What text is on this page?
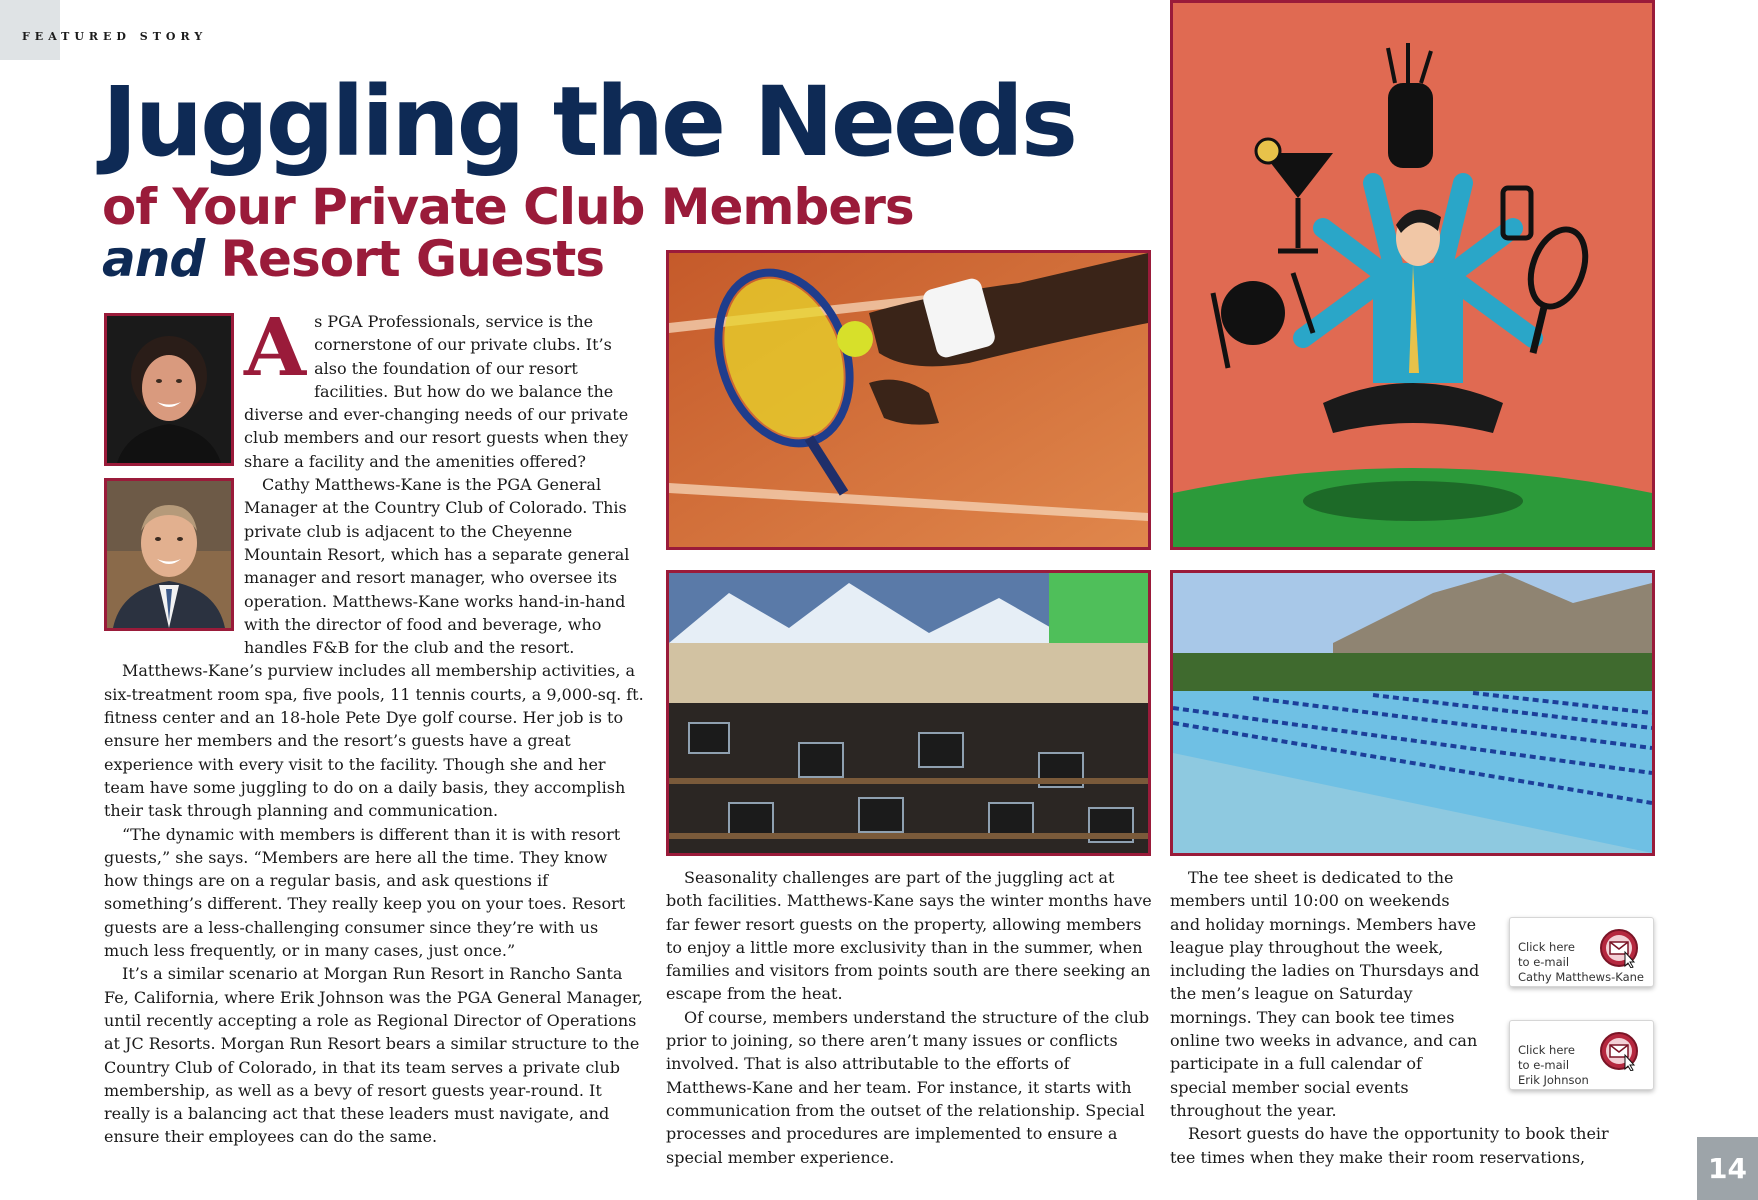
FEATURED STORY
Juggling the Needs
of Your Private Club Members
and Resort Guests
A s PGA Professionals, service is the cornerstone of our private clubs. It’s also the foundation of our resort facilities. But how do we balance the diverse and ever-changing needs of our private club members and our resort guests when they share a facility and the amenities offered?

Cathy Matthews-Kane is the PGA General Manager at the Country Club of Colorado. This private club is adjacent to the Cheyenne Mountain Resort, which has a separate general manager and resort manager, who oversee its operation. Matthews-Kane works hand-in-hand with the director of food and beverage, who handles F&B for the club and the resort.

Matthews-Kane’s purview includes all membership activities, a six-treatment room spa, five pools, 11 tennis courts, a 9,000-sq. ft. fitness center and an 18-hole Pete Dye golf course. Her job is to ensure her members and the resort’s guests have a great experience with every visit to the facility. Though she and her team have some juggling to do on a daily basis, they accomplish their task through planning and communication.

“The dynamic with members is different than it is with resort guests,” she says. “Members are here all the time. They know how things are on a regular basis, and ask questions if something’s different. They really keep you on your toes. Resort guests are a less-challenging consumer since they’re with us much less frequently, or in many cases, just once.”

It’s a similar scenario at Morgan Run Resort in Rancho Santa Fe, California, where Erik Johnson was the PGA General Manager, until recently accepting a role as Regional Director of Operations at JC Resorts. Morgan Run Resort bears a similar structure to the Country Club of Colorado, in that its team serves a private club membership, as well as a bevy of resort guests year-round. It really is a balancing act that these leaders must navigate, and ensure their employees can do the same.

Seasonality challenges are part of the juggling act at both facilities. Matthews-Kane says the winter months have far fewer resort guests on the property, allowing members to enjoy a little more exclusivity than in the summer, when families and visitors from points south are there seeking an escape from the heat.

Of course, members understand the structure of the club prior to joining, so there aren’t many issues or conflicts involved. That is also attributable to the efforts of Matthews-Kane and her team. For instance, it starts with communication from the outset of the relationship. Special processes and procedures are implemented to ensure a special member experience.

The tee sheet is dedicated to the members until 10:00 on weekends and holiday mornings. Members have league play throughout the week, including the ladies on Thursdays and the men’s league on Saturday mornings. They can book tee times online two weeks in advance, and can participate in a full calendar of special member social events throughout the year.

Resort guests do have the opportunity to book their tee times when they make their room reservations,

Click here
to e-mail
Cathy Matthews-Kane
Click here
to e-mail
Erik Johnson
14
